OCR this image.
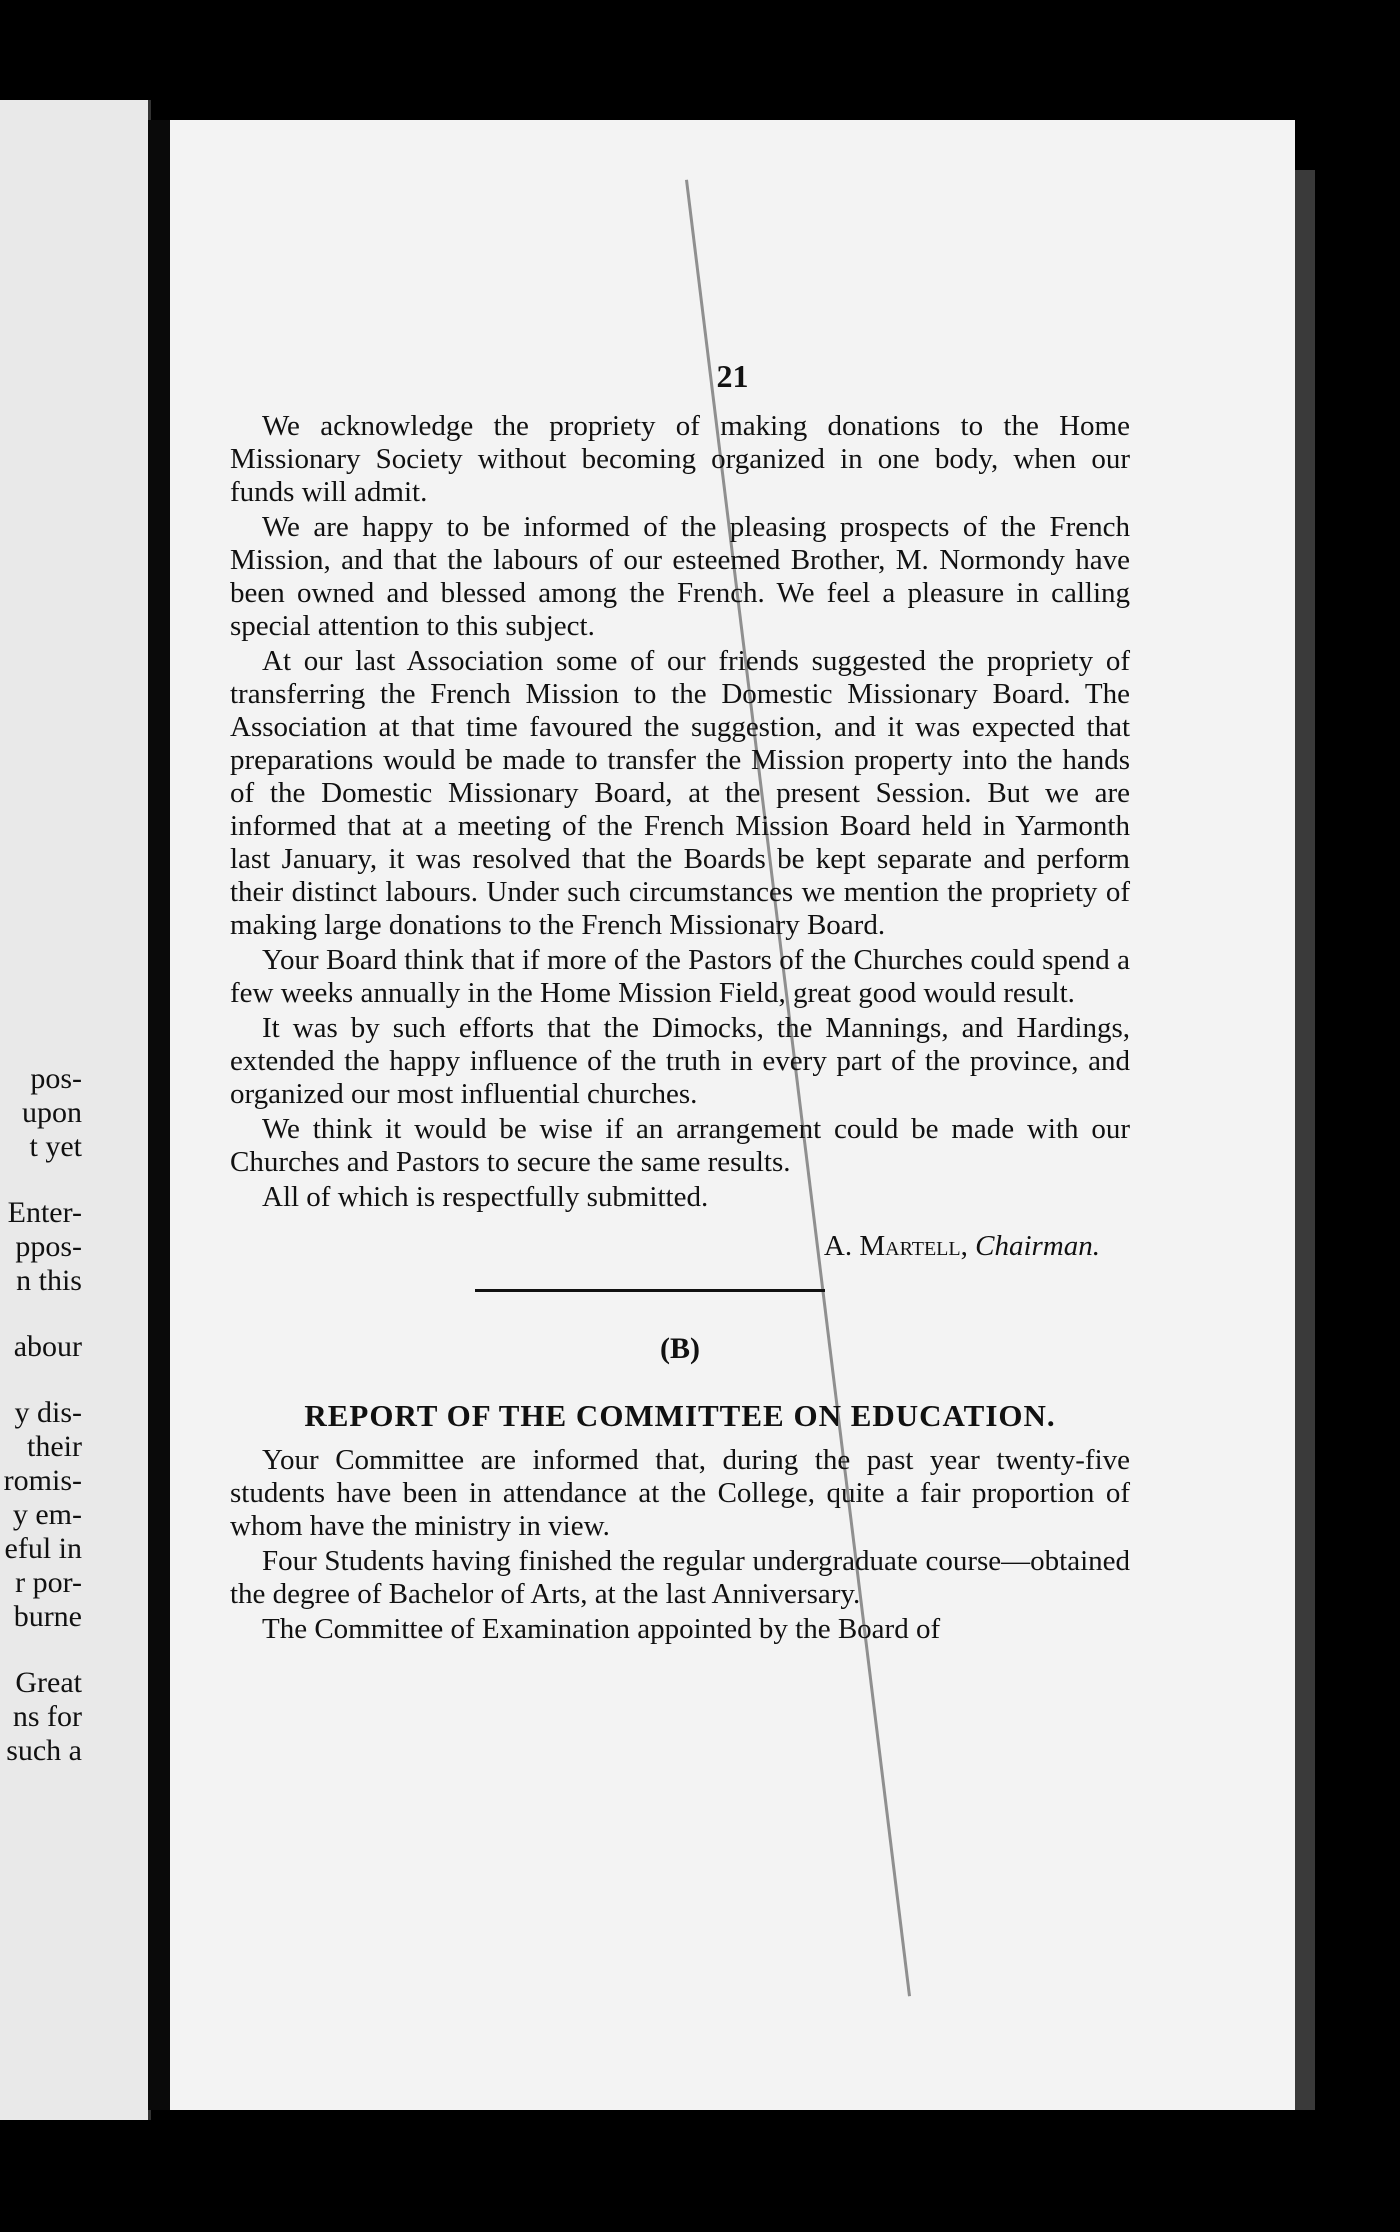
pos-
upon
t yet
Enter-
ppos-
n this
abour
y dis-
their
romis-
y em-
eful in
r por-
burne
Great
ns for
such a
21

We acknowledge the propriety of making donations to the Home Missionary Society without becoming organized in one body, when our funds will admit.

We are happy to be informed of the pleasing prospects of the French Mission, and that the labours of our esteemed Brother, M. Normondy have been owned and blessed among the French. We feel a pleasure in calling special attention to this subject.

At our last Association some of our friends suggested the propriety of transferring the French Mission to the Domestic Missionary Board. The Association at that time favoured the suggestion, and it was expected that preparations would be made to transfer the Mission property into the hands of the Domestic Missionary Board, at the present Session. But we are informed that at a meeting of the French Mission Board held in Yarmonth last January, it was resolved that the Boards be kept separate and perform their distinct labours. Under such circumstances we mention the propriety of making large donations to the French Missionary Board.

Your Board think that if more of the Pastors of the Churches could spend a few weeks annually in the Home Mission Field, great good would result.

It was by such efforts that the Dimocks, the Mannings, and Hardings, extended the happy influence of the truth in every part of the province, and organized our most influential churches.

We think it would be wise if an arrangement could be made with our Churches and Pastors to secure the same results.

All of which is respectfully submitted.

A. Martell, Chairman.
(B)
REPORT OF THE COMMITTEE ON EDUCATION.

Your Committee are informed that, during the past year twenty-five students have been in attendance at the College, quite a fair proportion of whom have the ministry in view.

Four Students having finished the regular undergraduate course—obtained the degree of Bachelor of Arts, at the last Anniversary.

The Committee of Examination appointed by the Board of
